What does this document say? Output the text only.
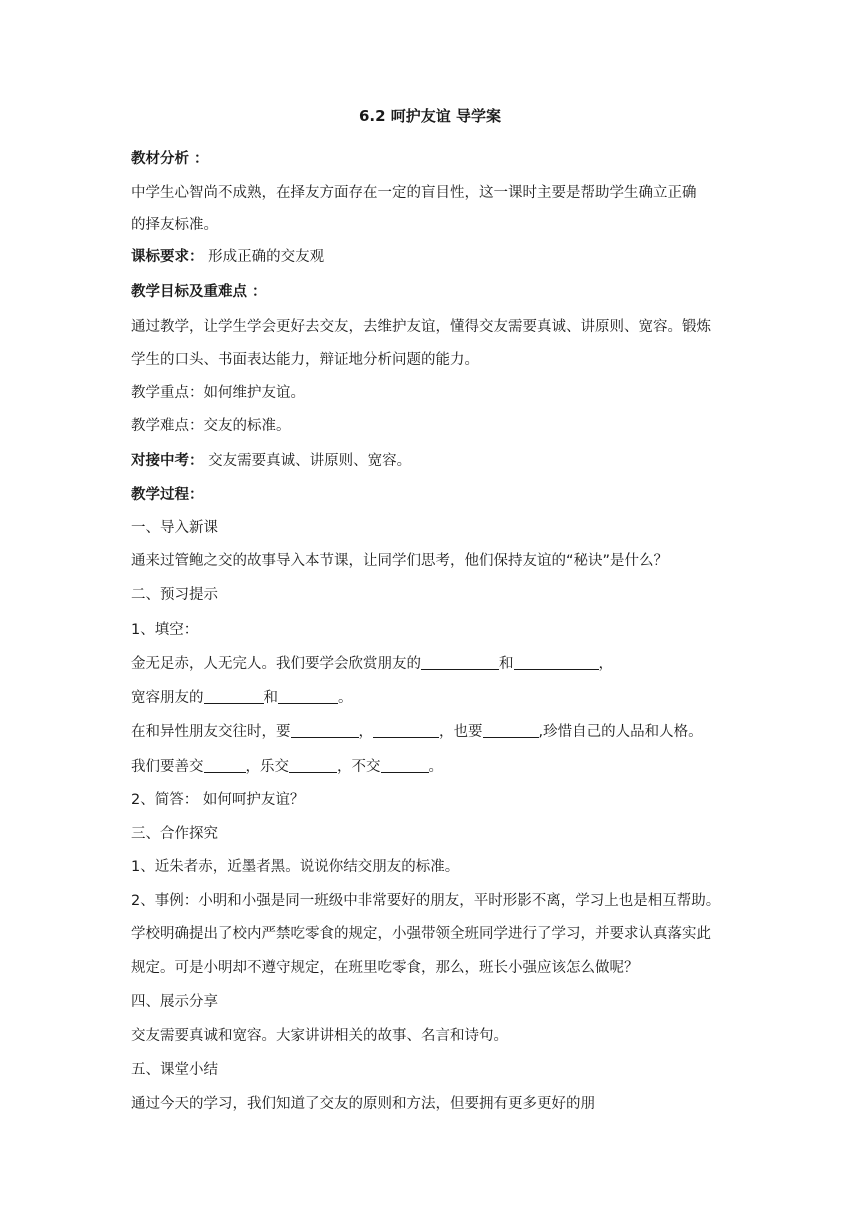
6.2 呵护友谊 导学案

教材分析 ：

中学生心智尚不成熟，在择友方面存在一定的盲目性，这一课时主要是帮助学生确立正确

的择友标准。

课标要求： 形成正确的交友观

教学目标及重难点 ：

通过教学，让学生学会更好去交友，去维护友谊，懂得交友需要真诚、讲原则、宽容。锻炼

学生的口头、书面表达能力，辩证地分析问题的能力。

教学重点：如何维护友谊。

教学难点：交友的标准。

对接中考： 交友需要真诚、讲原则、宽容。

教学过程：

一、导入新课

通来过管鲍之交的故事导入本节课，让同学们思考，他们保持友谊的“秘诀”是什么？

二、预习提示

1、填空：

金无足赤，人无完人。我们要学会欣赏朋友的	和	，

宽容朋友的	和	。

在和异性朋友交往时，要	，	，也要	,珍惜自己的人品和人格。

我们要善交	，乐交	，不交	。

2、简答： 如何呵护友谊？

三、合作探究

1、近朱者赤，近墨者黑。说说你结交朋友的标准。

2、事例：小明和小强是同一班级中非常要好的朋友，平时形影不离，学习上也是相互帮助。

学校明确提出了校内严禁吃零食的规定，小强带领全班同学进行了学习，并要求认真落实此

规定。可是小明却不遵守规定，在班里吃零食，那么，班长小强应该怎么做呢？

四、展示分享

交友需要真诚和宽容。大家讲讲相关的故事、名言和诗句。

五、课堂小结

通过今天的学习，我们知道了交友的原则和方法，但要拥有更多更好的朋
